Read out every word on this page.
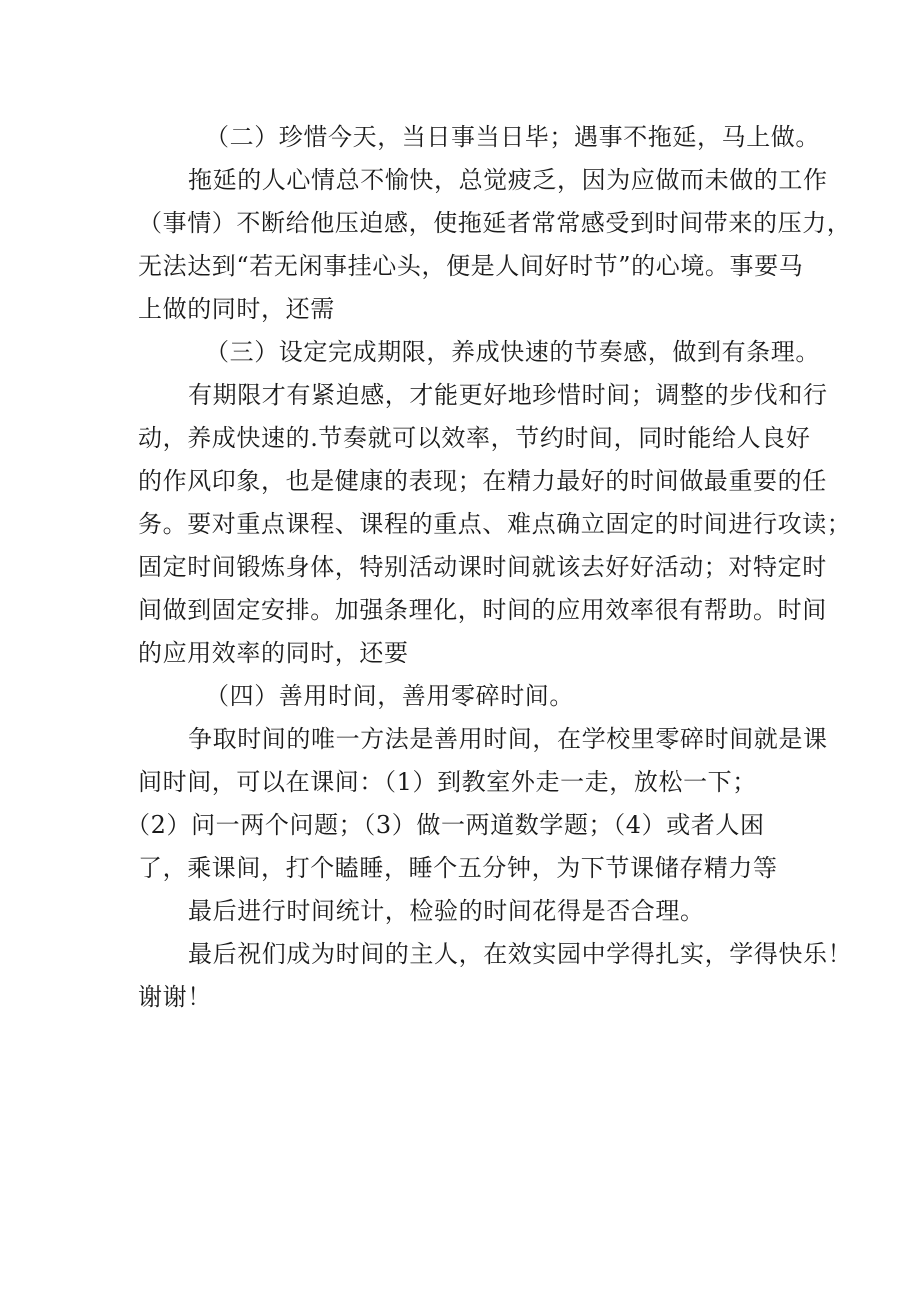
（二）珍惜今天，当日事当日毕；遇事不拖延，马上做。
拖延的人心情总不愉快，总觉疲乏，因为应做而未做的工作
（事情）不断给他压迫感，使拖延者常常感受到时间带来的压力，
无法达到“若无闲事挂心头，便是人间好时节”的心境。事要马
上做的同时，还需
（三）设定完成期限，养成快速的节奏感，做到有条理。
有期限才有紧迫感，才能更好地珍惜时间；调整的步伐和行
动，养成快速的.节奏就可以效率，节约时间，同时能给人良好
的作风印象，也是健康的表现；在精力最好的时间做最重要的任
务。要对重点课程、课程的重点、难点确立固定的时间进行攻读；
固定时间锻炼身体，特别活动课时间就该去好好活动；对特定时
间做到固定安排。加强条理化，时间的应用效率很有帮助。时间
的应用效率的同时，还要
（四）善用时间，善用零碎时间。
争取时间的唯一方法是善用时间，在学校里零碎时间就是课
间时间，可以在课间：（1）到教室外走一走，放松一下；
（2）问一两个问题；（3）做一两道数学题；（4）或者人困
了，乘课间，打个瞌睡，睡个五分钟，为下节课储存精力等
最后进行时间统计，检验的时间花得是否合理。
最后祝们成为时间的主人，在效实园中学得扎实，学得快乐！
谢谢！
